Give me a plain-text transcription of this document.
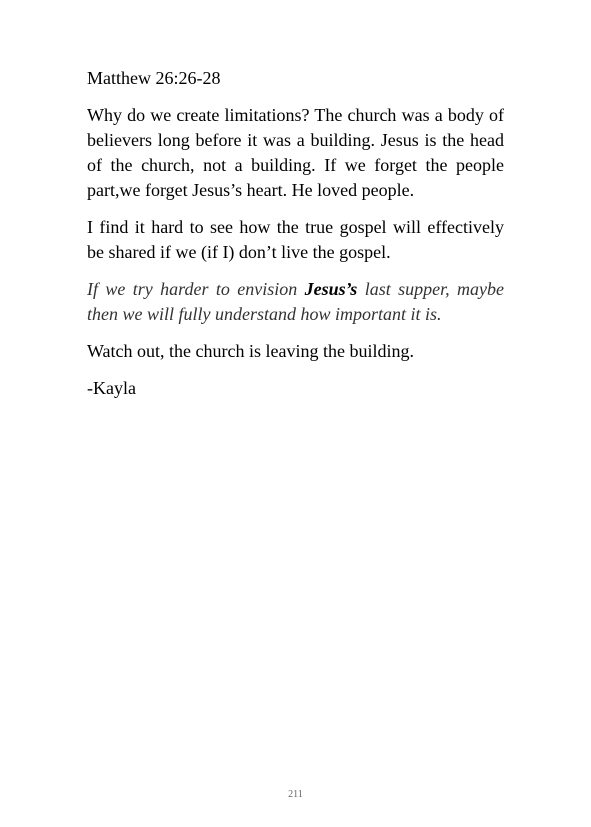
Matthew 26:26-28

Why do we create limitations? The church was a body of believers long before it was a building. Jesus is the head of the church, not a building. If we forget the people part,we forget Jesus’s heart. He loved people.

I find it hard to see how the true gospel will effectively be shared if we (if I) don’t live the gospel.

If we try harder to envision Jesus’s last supper, maybe then we will fully understand how important it is.

Watch out, the church is leaving the building.

-Kayla

211
